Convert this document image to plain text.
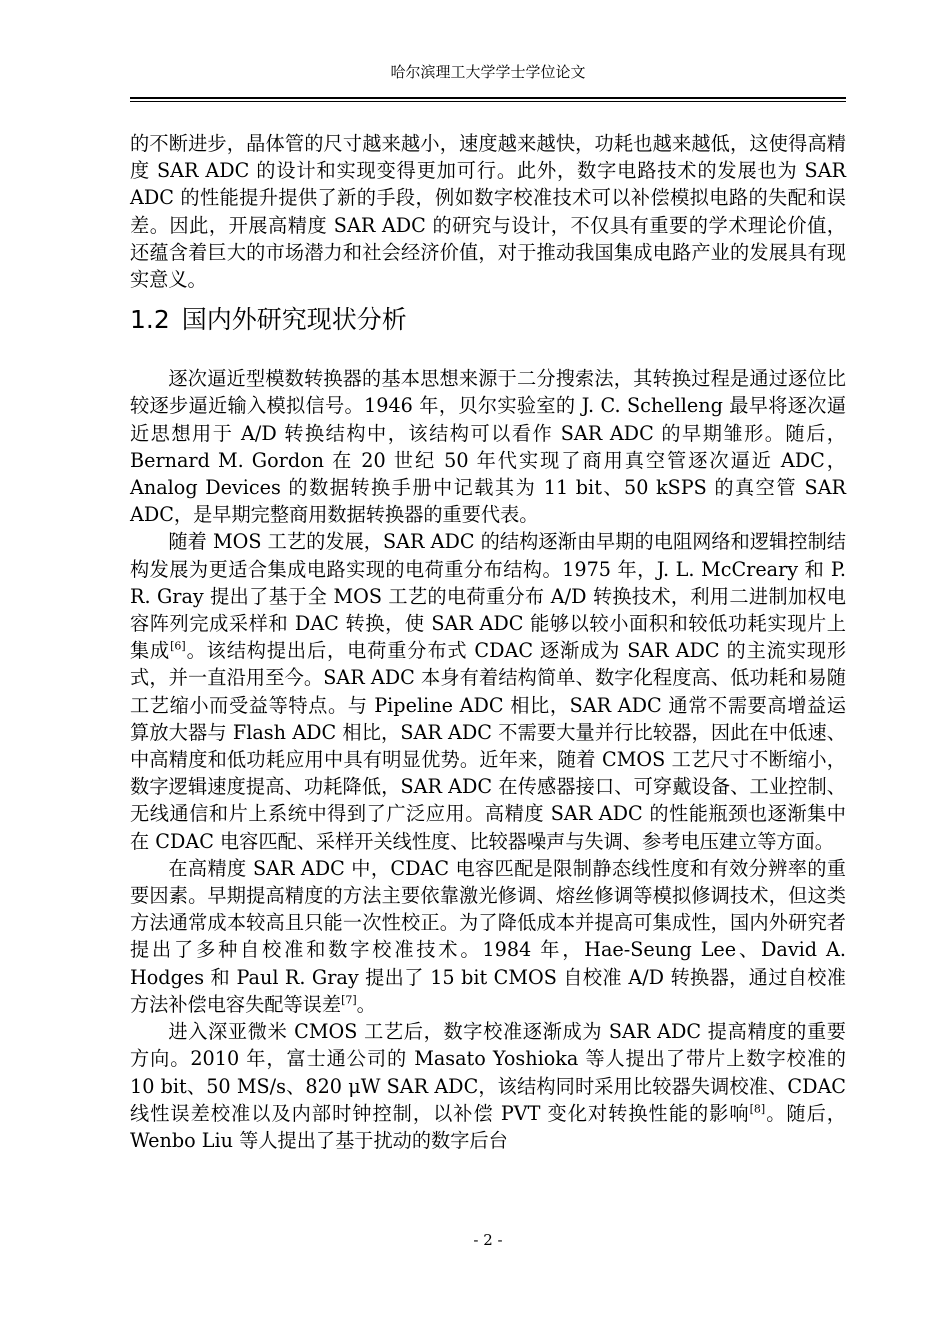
哈尔滨理工大学学士学位论文

的不断进步，晶体管的尺寸越来越小，速度越来越快，功耗也越来越低，这使得高精度 SAR ADC 的设计和实现变得更加可行。此外，数字电路技术的发展也为 SAR ADC 的性能提升提供了新的手段，例如数字校准技术可以补偿模拟电路的失配和误差。因此，开展高精度 SAR ADC 的研究与设计，不仅具有重要的学术理论价值，还蕴含着巨大的市场潜力和社会经济价值，对于推动我国集成电路产业的发展具有现实意义。

1.2 国内外研究现状分析

逐次逼近型模数转换器的基本思想来源于二分搜索法，其转换过程是通过逐位比较逐步逼近输入模拟信号。1946 年，贝尔实验室的 J. C. Schelleng 最早将逐次逼近思想用于 A/D 转换结构中，该结构可以看作 SAR ADC 的早期雏形。随后，Bernard M. Gordon 在 20 世纪 50 年代实现了商用真空管逐次逼近 ADC，Analog Devices 的数据转换手册中记载其为 11 bit、50 kSPS 的真空管 SAR ADC，是早期完整商用数据转换器的重要代表。

随着 MOS 工艺的发展，SAR ADC 的结构逐渐由早期的电阻网络和逻辑控制结构发展为更适合集成电路实现的电荷重分布结构。1975 年，J. L. McCreary 和 P. R. Gray 提出了基于全 MOS 工艺的电荷重分布 A/D 转换技术，利用二进制加权电容阵列完成采样和 DAC 转换，使 SAR ADC 能够以较小面积和较低功耗实现片上集成[6]。该结构提出后，电荷重分布式 CDAC 逐渐成为 SAR ADC 的主流实现形式，并一直沿用至今。SAR ADC 本身有着结构简单、数字化程度高、低功耗和易随工艺缩小而受益等特点。与 Pipeline ADC 相比，SAR ADC 通常不需要高增益运算放大器与 Flash ADC 相比，SAR ADC 不需要大量并行比较器，因此在中低速、中高精度和低功耗应用中具有明显优势。近年来，随着 CMOS 工艺尺寸不断缩小，数字逻辑速度提高、功耗降低，SAR ADC 在传感器接口、可穿戴设备、工业控制、无线通信和片上系统中得到了广泛应用。高精度 SAR ADC 的性能瓶颈也逐渐集中在 CDAC 电容匹配、采样开关线性度、比较器噪声与失调、参考电压建立等方面。

在高精度 SAR ADC 中，CDAC 电容匹配是限制静态线性度和有效分辨率的重要因素。早期提高精度的方法主要依靠激光修调、熔丝修调等模拟修调技术，但这类方法通常成本较高且只能一次性校正。为了降低成本并提高可集成性，国内外研究者提出了多种自校准和数字校准技术。1984 年，Hae-Seung Lee、David A. Hodges 和 Paul R. Gray 提出了 15 bit CMOS 自校准 A/D 转换器，通过自校准方法补偿电容失配等误差[7]。

进入深亚微米 CMOS 工艺后，数字校准逐渐成为 SAR ADC 提高精度的重要方向。2010 年，富士通公司的 Masato Yoshioka 等人提出了带片上数字校准的 10 bit、50 MS/s、820 μW SAR ADC，该结构同时采用比较器失调校准、CDAC 线性误差校准以及内部时钟控制，以补偿 PVT 变化对转换性能的影响[8]。随后，Wenbo Liu 等人提出了基于扰动的数字后台

- 2 -
